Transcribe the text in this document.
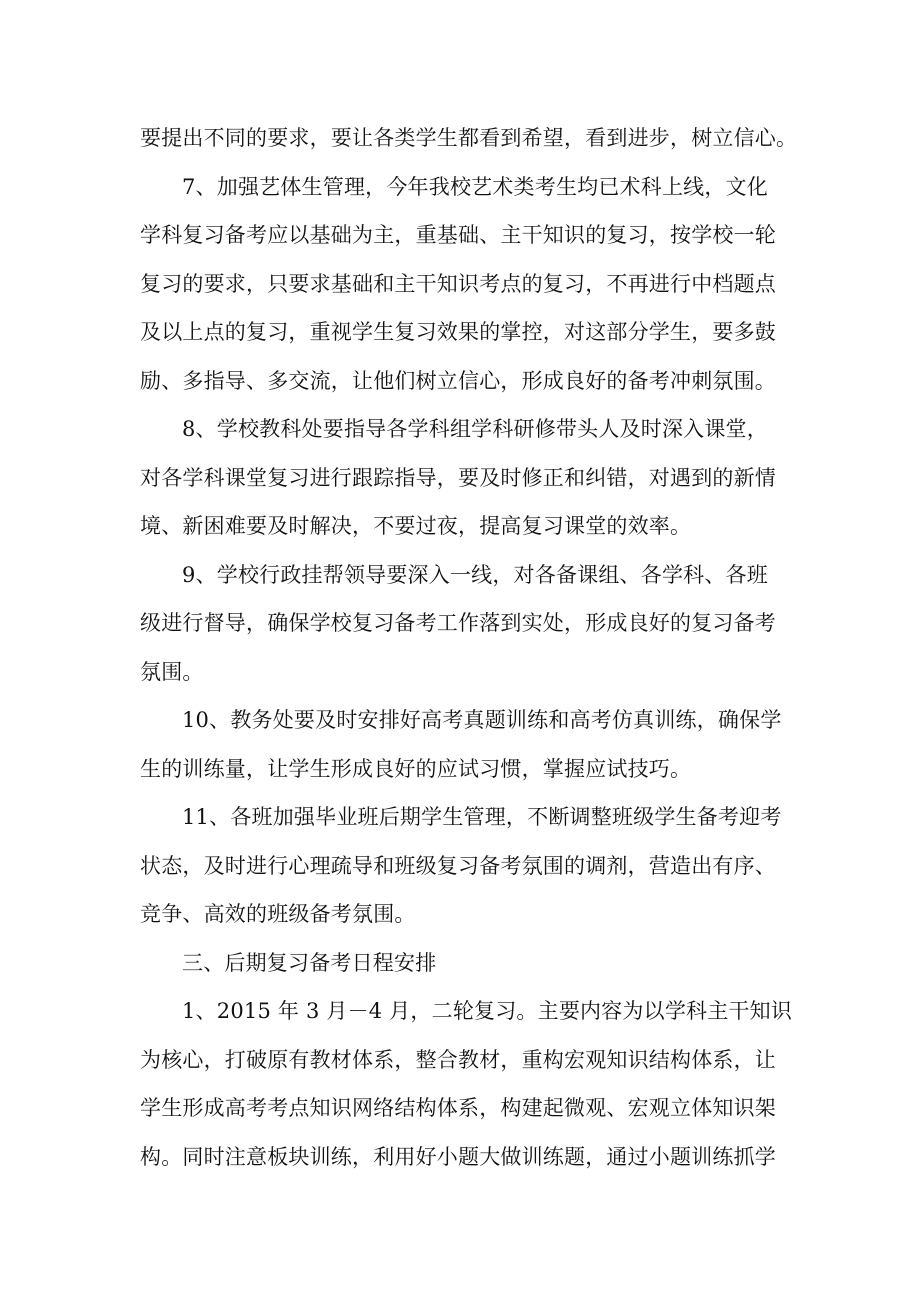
要提出不同的要求，要让各类学生都看到希望，看到进步，树立信心。
7、加强艺体生管理，今年我校艺术类考生均已术科上线，文化
学科复习备考应以基础为主，重基础、主干知识的复习，按学校一轮
复习的要求，只要求基础和主干知识考点的复习，不再进行中档题点
及以上点的复习，重视学生复习效果的掌控，对这部分学生，要多鼓
励、多指导、多交流，让他们树立信心，形成良好的备考冲刺氛围。
8、学校教科处要指导各学科组学科研修带头人及时深入课堂，
对各学科课堂复习进行跟踪指导，要及时修正和纠错，对遇到的新情
境、新困难要及时解决，不要过夜，提高复习课堂的效率。
9、学校行政挂帮领导要深入一线，对各备课组、各学科、各班
级进行督导，确保学校复习备考工作落到实处，形成良好的复习备考
氛围。
10、教务处要及时安排好高考真题训练和高考仿真训练，确保学
生的训练量，让学生形成良好的应试习惯，掌握应试技巧。
11、各班加强毕业班后期学生管理，不断调整班级学生备考迎考
状态，及时进行心理疏导和班级复习备考氛围的调剂，营造出有序、
竞争、高效的班级备考氛围。
三、后期复习备考日程安排
1、2015 年 3 月－4 月，二轮复习。主要内容为以学科主干知识
为核心，打破原有教材体系，整合教材，重构宏观知识结构体系，让
学生形成高考考点知识网络结构体系，构建起微观、宏观立体知识架
构。同时注意板块训练，利用好小题大做训练题，通过小题训练抓学
